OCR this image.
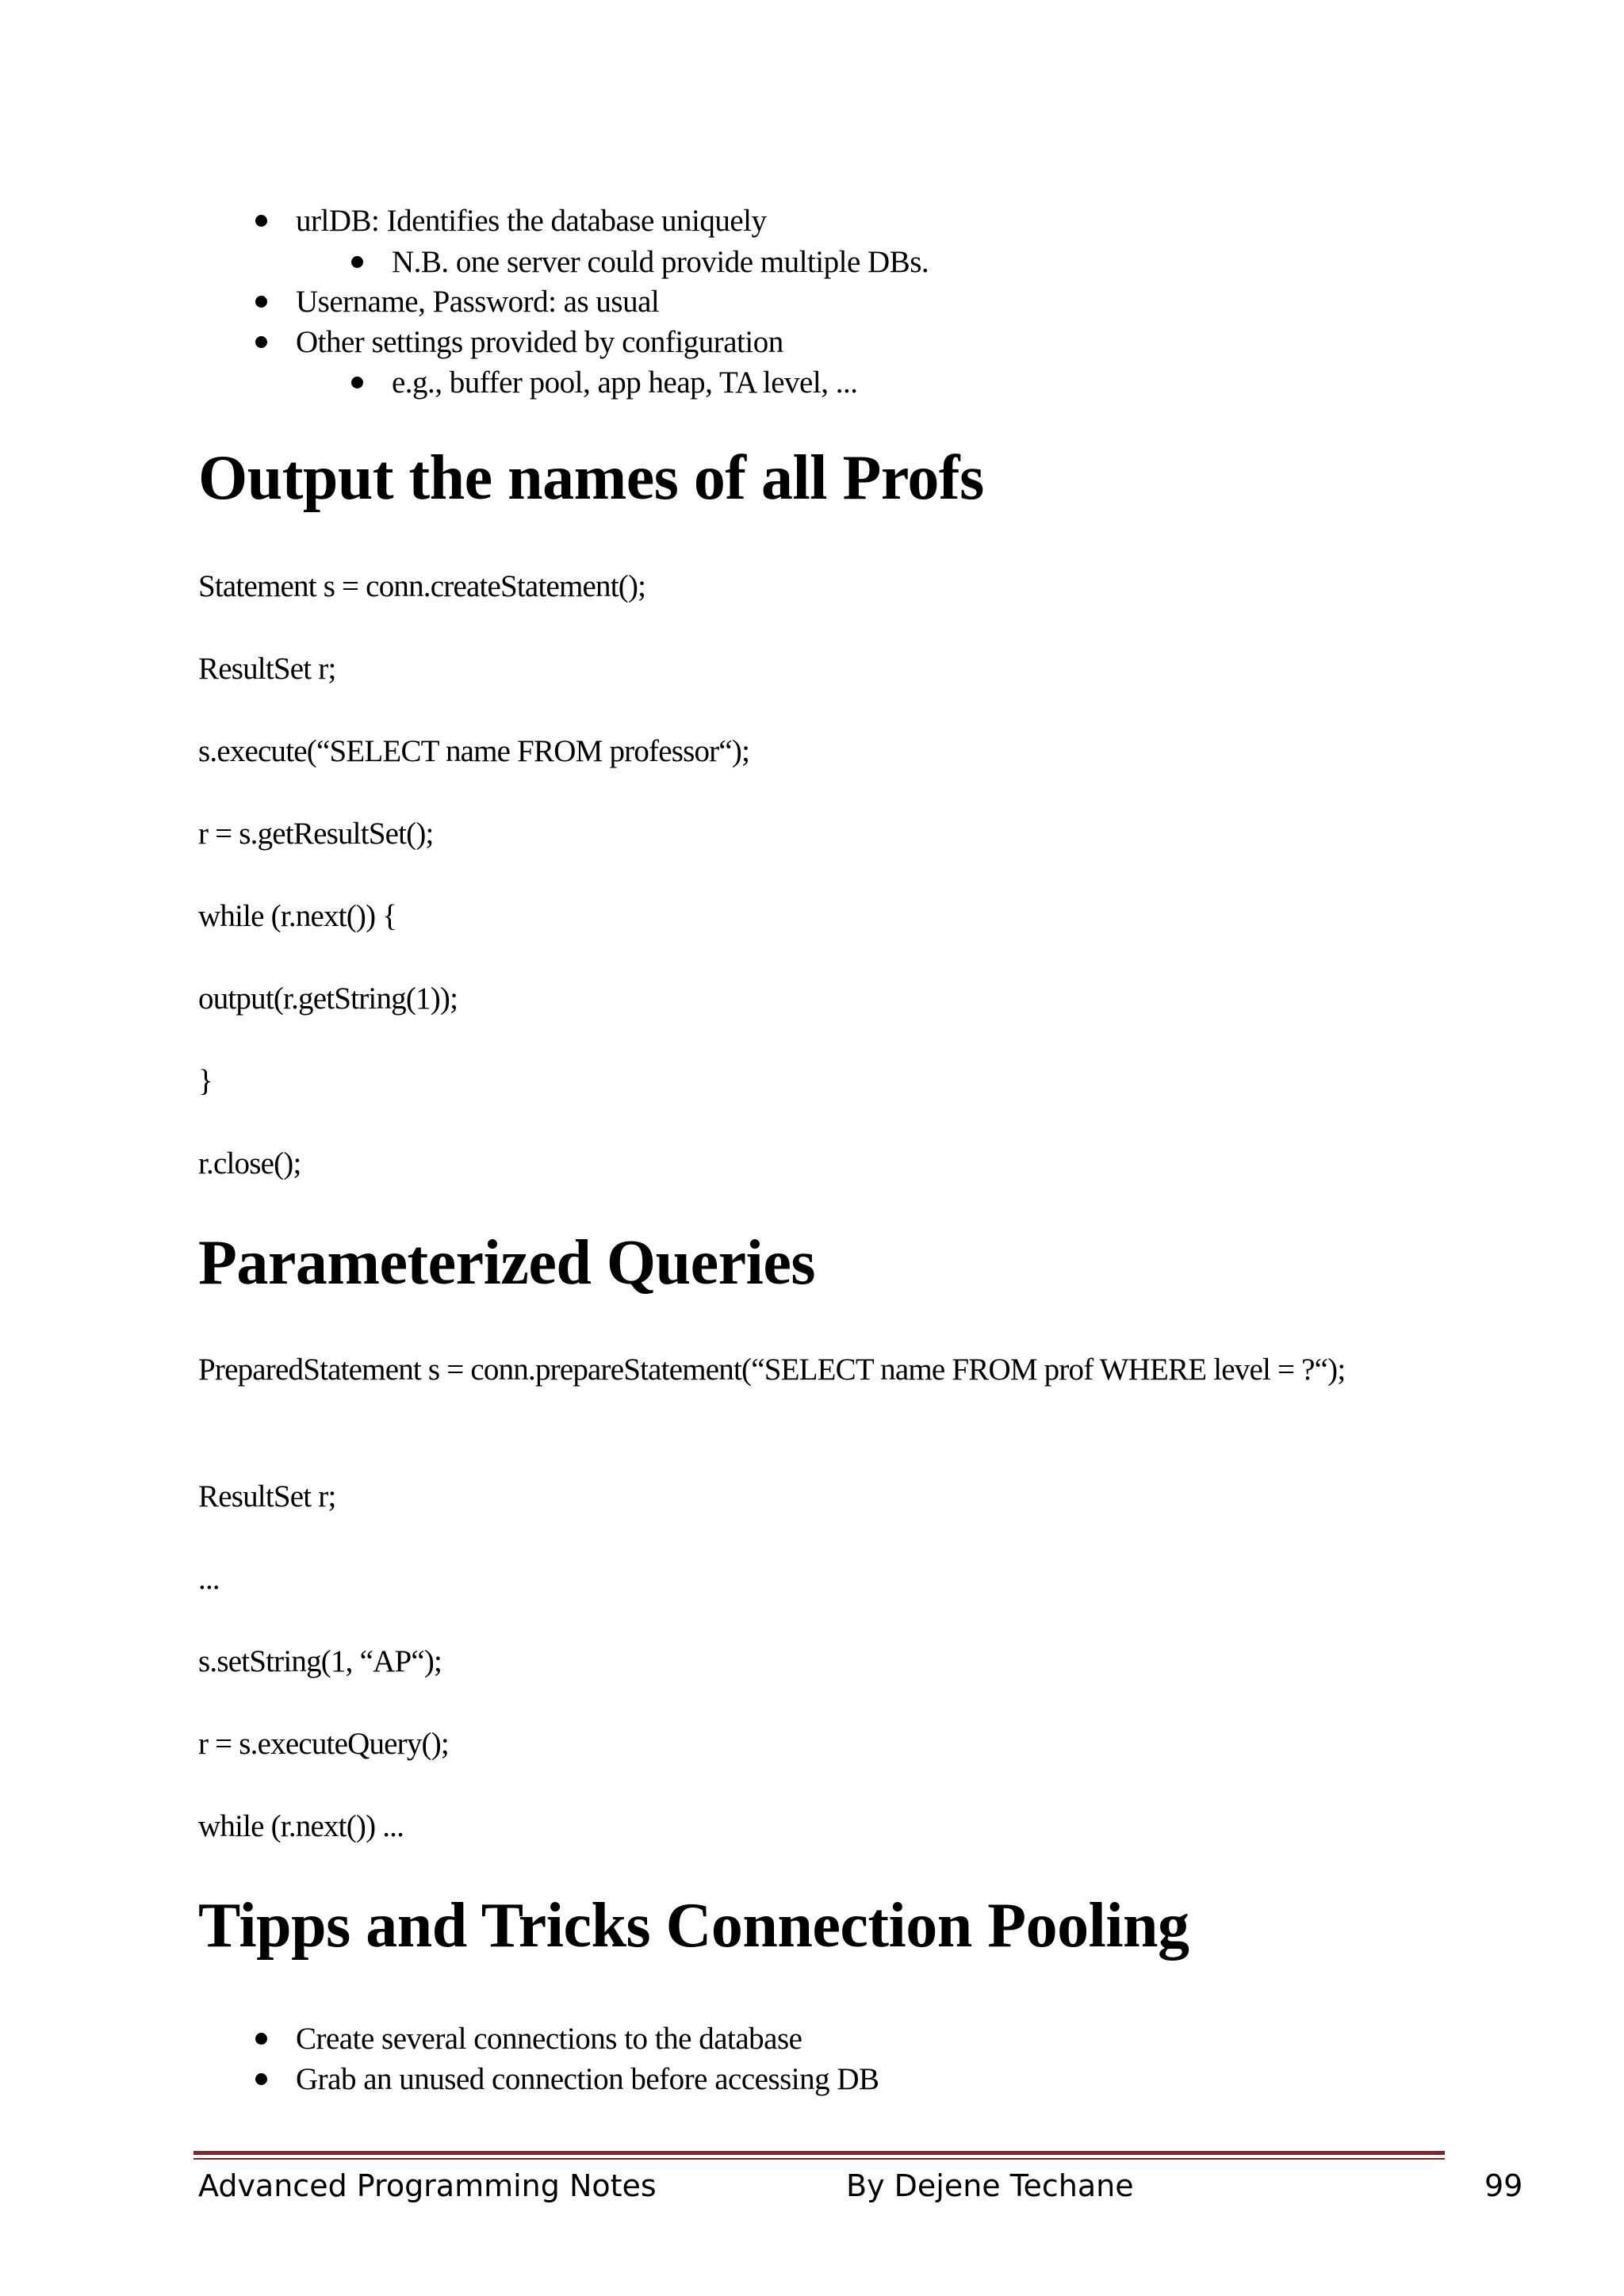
urlDB: Identifies the database uniquely
N.B. one server could provide multiple DBs.
Username, Password: as usual
Other settings provided by configuration
e.g., buffer pool, app heap, TA level, ...
Output the names of all Profs

Statement s = conn.createStatement();

ResultSet r;

s.execute(“SELECT name FROM professor“);

r = s.getResultSet();

while (r.next()) {

output(r.getString(1));

}

r.close();

Parameterized Queries

PreparedStatement s = conn.prepareStatement(“SELECT name FROM prof WHERE level = ?“);

ResultSet r;

...

s.setString(1, “AP“);

r = s.executeQuery();

while (r.next()) ...

Tipps and Tricks Connection Pooling
Create several connections to the database
Grab an unused connection before accessing DB
Advanced Programming Notes	By Dejene Techane	99
